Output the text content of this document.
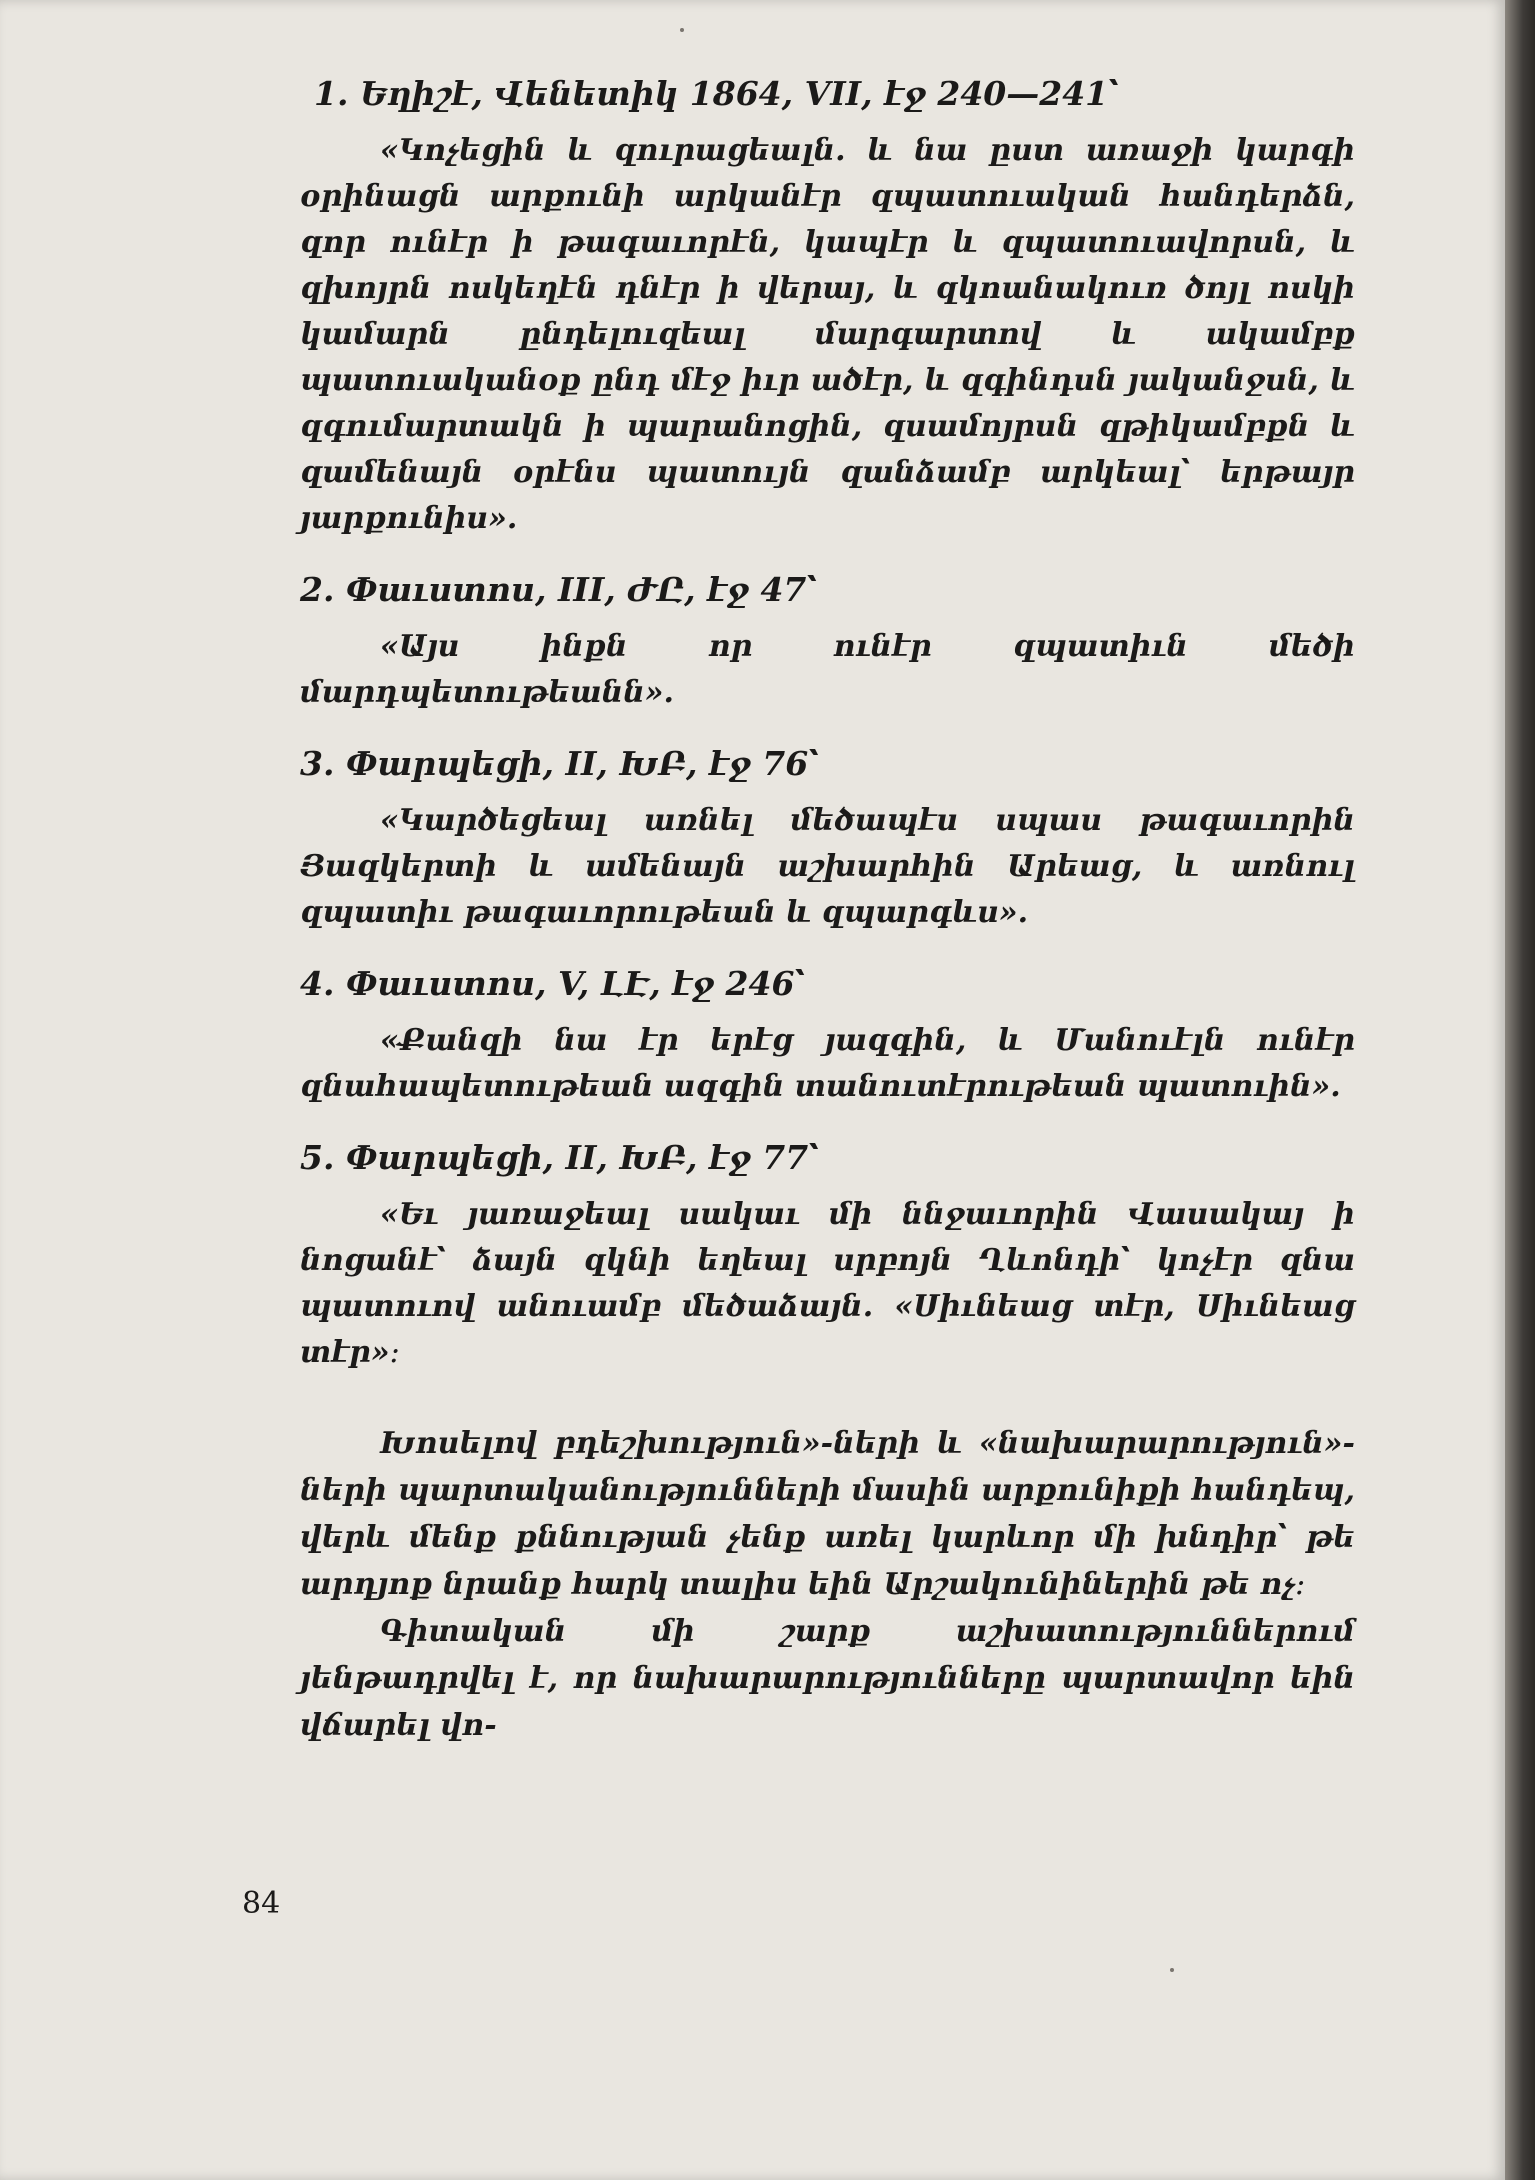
1. Եղիշէ, Վենետիկ 1864, VII, էջ 240—241՝

«Կոչեցին և զուրացեալն. և նա ըստ առաջի կարգի օրինացն արքունի արկանէր զպատուական հանդերձն, զոր ունէր ի թագաւորէն, կապէր և զպատուավորսն, և զխոյրն ոսկեղէն դնէր ի վերայ, և զկոանակուռ ծոյլ ոսկի կամարն ընդելուզեալ մարգարտով և ակամբք պատուականօք ընդ մէջ իւր ածէր, և զգինդսն յականջսն, և զգումարտակն ի պարանոցին, զսամոյրսն զթիկամբքն և զամենայն օրէնս պատույն զանձամբ արկեալ՝ երթայր յարքունիս».

2. Փաւստոս, III, ԺԸ, էջ 47՝

«Այս ինքն որ ունէր զպատիւն մեծի մարդպետութեանն».

3. Փարպեցի, II, ԽԲ, էջ 76՝

«Կարծեցեալ առնել մեծապէս սպաս թագաւորին Յազկերտի և ամենայն աշխարհին Արեաց, և առնուլ զպատիւ թագաւորութեան և զպարգևս».

4. Փաւստոս, V, ԼԷ, էջ 246՝

«Քանզի նա էր երէց յազգին, և Մանուէլն ունէր զնահապետութեան ազգին տանուտէրութեան պատուին».

5. Փարպեցի, II, ԽԲ, էջ 77՝

«Եւ յառաջեալ սակաւ մի ննջաւորին Վասակայ ի նոցանէ՝ ձայն զկնի եղեալ սրբոյն Ղևոնդի՝ կոչէր զնա պատուով անուամբ մեծաձայն. «Սիւնեաց տէր, Սիւնեաց տէր»։

Խոսելով բդեշխություն»-ների և «նախարարություն»-ների պարտականությունների մասին արքունիքի հանդեպ, վերև մենք քննության չենք առել կարևոր մի խնդիր՝ թե արդյոք նրանք հարկ տալիս եին Արշակունիներին թե ոչ։

Գիտական մի շարք աշխատություններում յենթադրվել է, որ նախարարությունները պարտավոր եին վճարել վո-

84
